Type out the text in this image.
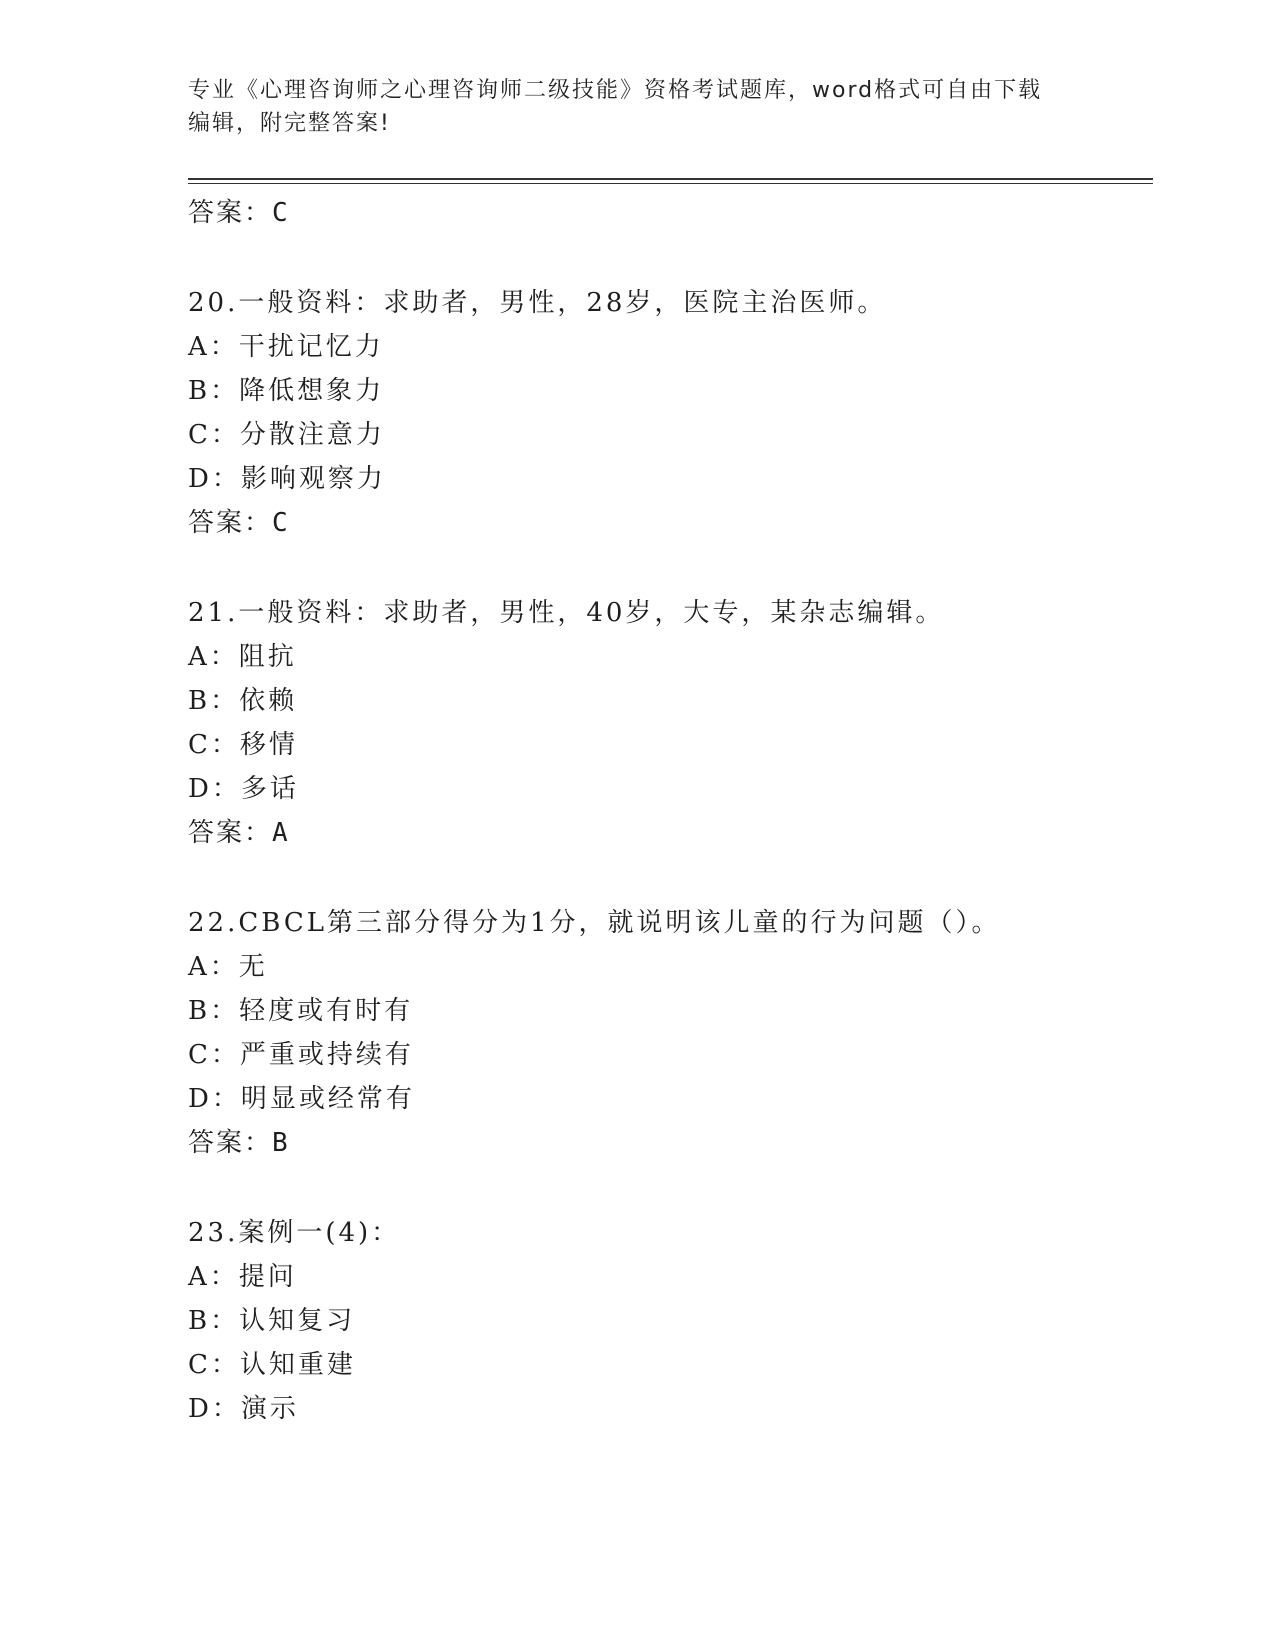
专业《心理咨询师之心理咨询师二级技能》资格考试题库，word格式可自由下载
编辑，附完整答案!
答案：C
20.一般资料：求助者，男性，28岁，医院主治医师。
A：干扰记忆力
B：降低想象力
C：分散注意力
D：影响观察力
答案：C
21.一般资料：求助者，男性，40岁，大专，某杂志编辑。
A：阻抗
B：依赖
C：移情
D：多话
答案：A
22.CBCL第三部分得分为1分，就说明该儿童的行为问题（）。
A：无
B：轻度或有时有
C：严重或持续有
D：明显或经常有
答案：B
23.案例一(4)：
A：提问
B：认知复习
C：认知重建
D：演示
